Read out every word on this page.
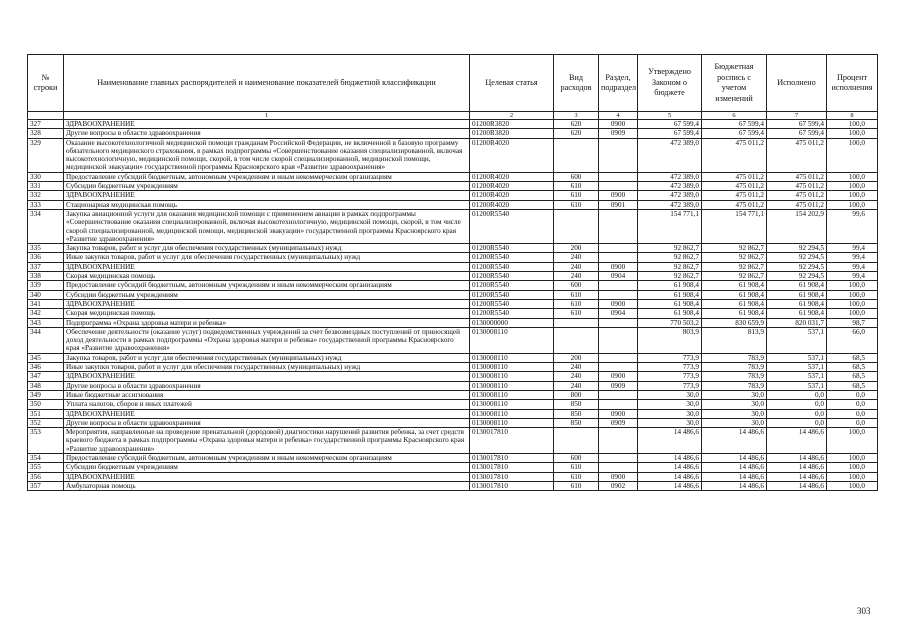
№ строки	Наименование главных распорядителей и наименование показателей бюджетной классификации	Целевая статья	Вид расходов	Раздел, подраздел	Утверждено Законом о бюджете	Бюджетная роспись с учетом изменений	Исполнено	Процент исполнения
	1	2	3	4	5	6	7	8
327	ЗДРАВООХРАНЕНИЕ	01200R3820	620	0900	67 599,4	67 599,4	67 599,4	100,0
328	Другие вопросы в области здравоохранения	01200R3820	620	0909	67 599,4	67 599,4	67 599,4	100,0
329	Оказание высокотехнологичной медицинской помощи гражданам Российской Федерации, не включенной в базовую программу обязательного медицинского страхования, в рамках подпрограммы «Совершенствование оказания специализированной, включая высокотехнологичную, медицинской помощи, скорой, в том числе скорой специализированной, медицинской помощи, медицинской эвакуации» государственной программы Красноярского края «Развитие здравоохранения»	01200R4020			472 389,0	475 011,2	475 011,2	100,0
330	Предоставление субсидий бюджетным, автономным учреждениям и иным некоммерческим организациям	01200R4020	600		472 389,0	475 011,2	475 011,2	100,0
331	Субсидии бюджетным учреждениям	01200R4020	610		472 389,0	475 011,2	475 011,2	100,0
332	ЗДРАВООХРАНЕНИЕ	01200R4020	610	0900	472 389,0	475 011,2	475 011,2	100,0
333	Стационарная медицинская помощь	01200R4020	610	0901	472 389,0	475 011,2	475 011,2	100,0
334	Закупка авиационной услуги для оказания медицинской помощи с применением авиации в рамках подпрограммы «Совершенствование оказания специализированной, включая высокотехнологичную, медицинской помощи, скорой, в том числе скорой специализированной, медицинской помощи, медицинской эвакуации» государственной программы Красноярского края «Развитие здравоохранения»	01200R5540			154 771,1	154 771,1	154 202,9	99,6
335	Закупка товаров, работ и услуг для обеспечения государственных (муниципальных) нужд	01200R5540	200		92 862,7	92 862,7	92 294,5	99,4
336	Иные закупки товаров, работ и услуг для обеспечения государственных (муниципальных) нужд	01200R5540	240		92 862,7	92 862,7	92 294,5	99,4
337	ЗДРАВООХРАНЕНИЕ	01200R5540	240	0900	92 862,7	92 862,7	92 294,5	99,4
338	Скорая медицинская помощь	01200R5540	240	0904	92 862,7	92 862,7	92 294,5	99,4
339	Предоставление субсидий бюджетным, автономным учреждениям и иным некоммерческим организациям	01200R5540	600		61 908,4	61 908,4	61 908,4	100,0
340	Субсидии бюджетным учреждениям	01200R5540	610		61 908,4	61 908,4	61 908,4	100,0
341	ЗДРАВООХРАНЕНИЕ	01200R5540	610	0900	61 908,4	61 908,4	61 908,4	100,0
342	Скорая медицинская помощь	01200R5540	610	0904	61 908,4	61 908,4	61 908,4	100,0
343	Подпрограмма «Охрана здоровья матери и ребенка»	0130000000			770 503,2	830 659,9	820 031,7	98,7
344	Обеспечение деятельности (оказание услуг) подведомственных учреждений за счет безвозмездных поступлений от приносящей доход деятельности в рамках подпрограммы «Охрана здоровья матери и ребенка» государственной программы Красноярского края «Развитие здравоохранения»	0130008110			803,9	813,9	537,1	66,0
345	Закупка товаров, работ и услуг для обеспечения государственных (муниципальных) нужд	0130008110	200		773,9	783,9	537,1	68,5
346	Иные закупки товаров, работ и услуг для обеспечения государственных (муниципальных) нужд	0130008110	240		773,9	783,9	537,1	68,5
347	ЗДРАВООХРАНЕНИЕ	0130008110	240	0900	773,9	783,9	537,1	68,5
348	Другие вопросы в области здравоохранения	0130008110	240	0909	773,9	783,9	537,1	68,5
349	Иные бюджетные ассигнования	0130008110	800		30,0	30,0	0,0	0,0
350	Уплата налогов, сборов и иных платежей	0130008110	850		30,0	30,0	0,0	0,0
351	ЗДРАВООХРАНЕНИЕ	0130008110	850	0900	30,0	30,0	0,0	0,0
352	Другие вопросы в области здравоохранения	0130008110	850	0909	30,0	30,0	0,0	0,0
353	Мероприятия, направленные на проведение пренатальной (дородовой) диагностики нарушений развития ребенка, за счет средств краевого бюджета в рамках подпрограммы «Охрана здоровья матери и ребенка» государственной программы Красноярского края «Развитие здравоохранения»	0130017810			14 486,6	14 486,6	14 486,6	100,0
354	Предоставление субсидий бюджетным, автономным учреждениям и иным некоммерческим организациям	0130017810	600		14 486,6	14 486,6	14 486,6	100,0
355	Субсидии бюджетным учреждениям	0130017810	610		14 486,6	14 486,6	14 486,6	100,0
356	ЗДРАВООХРАНЕНИЕ	0130017810	610	0900	14 486,6	14 486,6	14 486,6	100,0
357	Амбулаторная помощь	0130017810	610	0902	14 486,6	14 486,6	14 486,6	100,0
303
